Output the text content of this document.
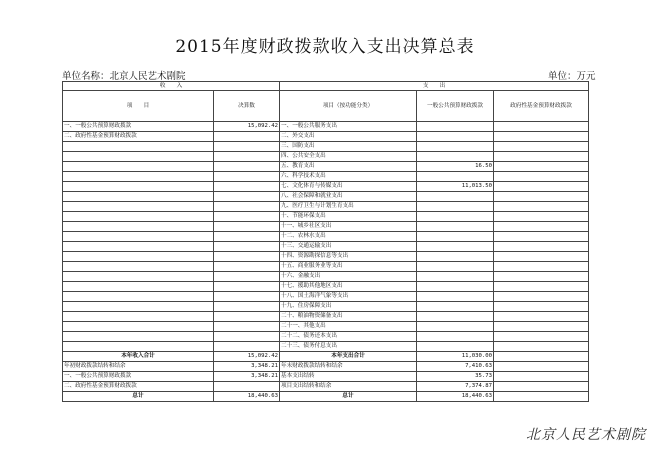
2015年度财政拨款收入支出决算总表
单位名称：北京人民艺术剧院	单位：万元
收　　入		支　　出		
项　　目	决算数	项目（按功能分类）	一般公共预算财政拨款	政府性基金预算财政拨款
一、一般公共预算财政拨款	15,092.42	一、一般公共服务支出		
二、政府性基金预算财政拨款		二、外交支出		
		三、国防支出		
		四、公共安全支出		
		五、教育支出	16.50	
		六、科学技术支出		
		七、文化体育与传媒支出	11,013.50	
		八、社会保障和就业支出		
		九、医疗卫生与计划生育支出		
		十、节能环保支出		
		十一、城乡社区支出		
		十二、农林水支出		
		十三、交通运输支出		
		十四、资源勘探信息等支出		
		十五、商业服务业等支出		
		十六、金融支出		
		十七、援助其他地区支出		
		十八、国土海洋气象等支出		
		十九、住房保障支出		
		二十、粮油物资储备支出		
		二十一、其他支出		
		二十二、债务还本支出		
		二十三、债务付息支出		
本年收入合计	15,092.42	本年支出合计	11,030.00	
年初财政拨款结转和结余	3,348.21	年末财政拨款结转和结余	7,410.63	
一、一般公共预算财政拨款	3,348.21	基本支出结转	35.73	
二、政府性基金预算财政拨款		项目支出结转和结余	7,374.87	
总计	18,440.63	总计	18,440.63	
北京人民艺术剧院
